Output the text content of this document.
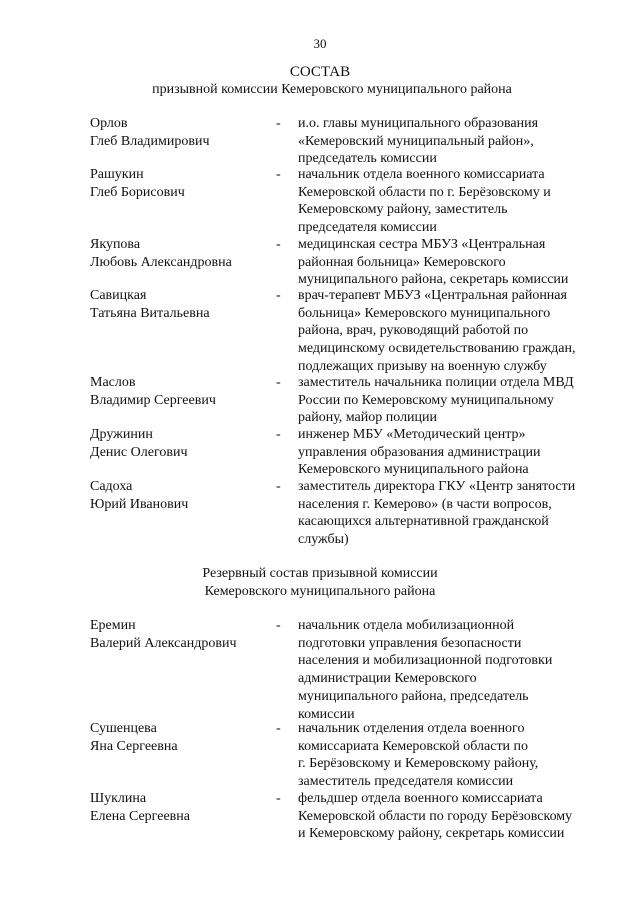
30
СОСТАВ
призывной комиссии Кемеровского муниципального района
Орлов
Глеб Владимирович
- и.о. главы муниципального образования
«Кемеровский муниципальный район»,
председатель комиссии
Рашукин
Глеб Борисович
- начальник отдела военного комиссариата
Кемеровской области по г. Берёзовскому и
Кемеровскому району, заместитель
председателя комиссии
Якупова
Любовь Александровна
- медицинская сестра МБУЗ «Центральная
районная больница» Кемеровского
муниципального района, секретарь комиссии
Савицкая
Татьяна Витальевна
- врач-терапевт МБУЗ «Центральная районная
больница» Кемеровского муниципального
района, врач, руководящий работой по
медицинскому освидетельствованию граждан,
подлежащих призыву на военную службу
Маслов
Владимир Сергеевич
- заместитель начальника полиции отдела МВД
России по Кемеровскому муниципальному
району, майор полиции
Дружинин
Денис Олегович
- инженер МБУ «Методический центр»
управления образования администрации
Кемеровского муниципального района
Садоха
Юрий Иванович
- заместитель директора ГКУ «Центр занятости
населения г. Кемерово» (в части вопросов,
касающихся альтернативной гражданской
службы)
Резервный состав призывной комиссии
Кемеровского муниципального района
Еремин
Валерий Александрович
- начальник отдела мобилизационной
подготовки управления безопасности
населения и мобилизационной подготовки
администрации Кемеровского
муниципального района, председатель
комиссии
Сушенцева
Яна Сергеевна
- начальник отделения отдела военного
комиссариата Кемеровской области по
г. Берёзовскому и Кемеровскому району,
заместитель председателя комиссии
Шуклина
Елена Сергеевна
- фельдшер отдела военного комиссариата
Кемеровской области по городу Берёзовскому
и Кемеровскому району, секретарь комиссии
